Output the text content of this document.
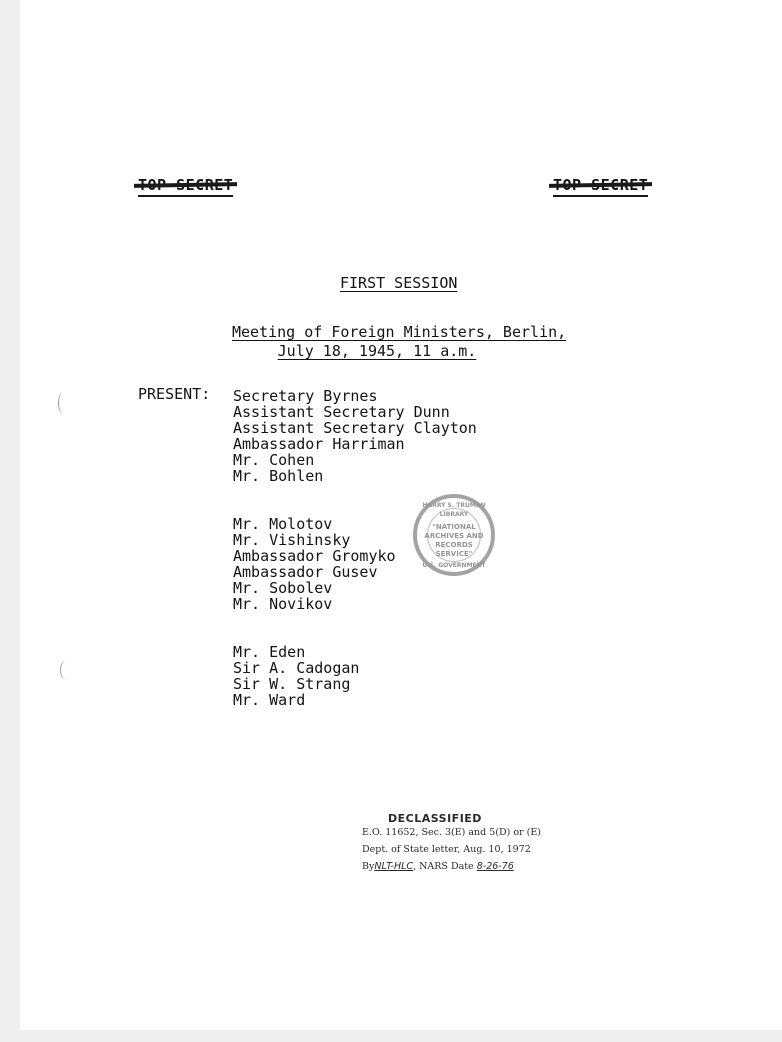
FIRST SESSION
Meeting of Foreign Ministers, Berlin,
July 18, 1945, 11 a.m.
PRESENT: Secretary Byrnes
Assistant Secretary Dunn
Assistant Secretary Clayton
Ambassador Harriman
Mr. Cohen
Mr. Bohlen
Mr. Molotov
Mr. Vishinsky
Ambassador Gromyko
Ambassador Gusev
Mr. Sobolev
Mr. Novikov
Mr. Eden
Sir A. Cadogan
Sir W. Strang
Mr. Ward
HARRY S. TRUMAN LIBRARY
"NATIONAL ARCHIVES AND RECORDS SERVICE"
U.S. GOVERNMENT
DECLASSIFIED
E.O. 11652, Sec. 3(E) and 5(D) or (E)
Dept. of State letter, Aug. 10, 1972
ByNLT-HLC, NARS Date 8-26-76
